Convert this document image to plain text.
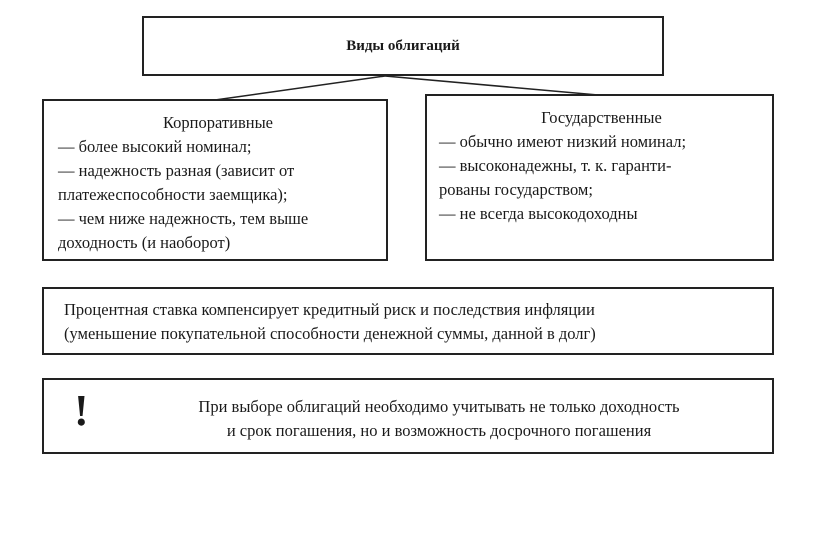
Виды облигаций
Корпоративные
— более высокий номинал;
— надежность разная (зависит от
платежеспособности заемщика);
— чем ниже надежность, тем выше
доходность (и наоборот)
Государственные
— обычно имеют низкий номинал;
— высоконадежны, т. к. гаранти-
рованы государством;
— не всегда высокодоходны
Процентная ставка компенсирует кредитный риск и последствия инфляции
(уменьшение покупательной способности денежной суммы, данной в долг)
!	При выборе облигаций необходимо учитывать не только доходность
и срок погашения, но и возможность досрочного погашения
